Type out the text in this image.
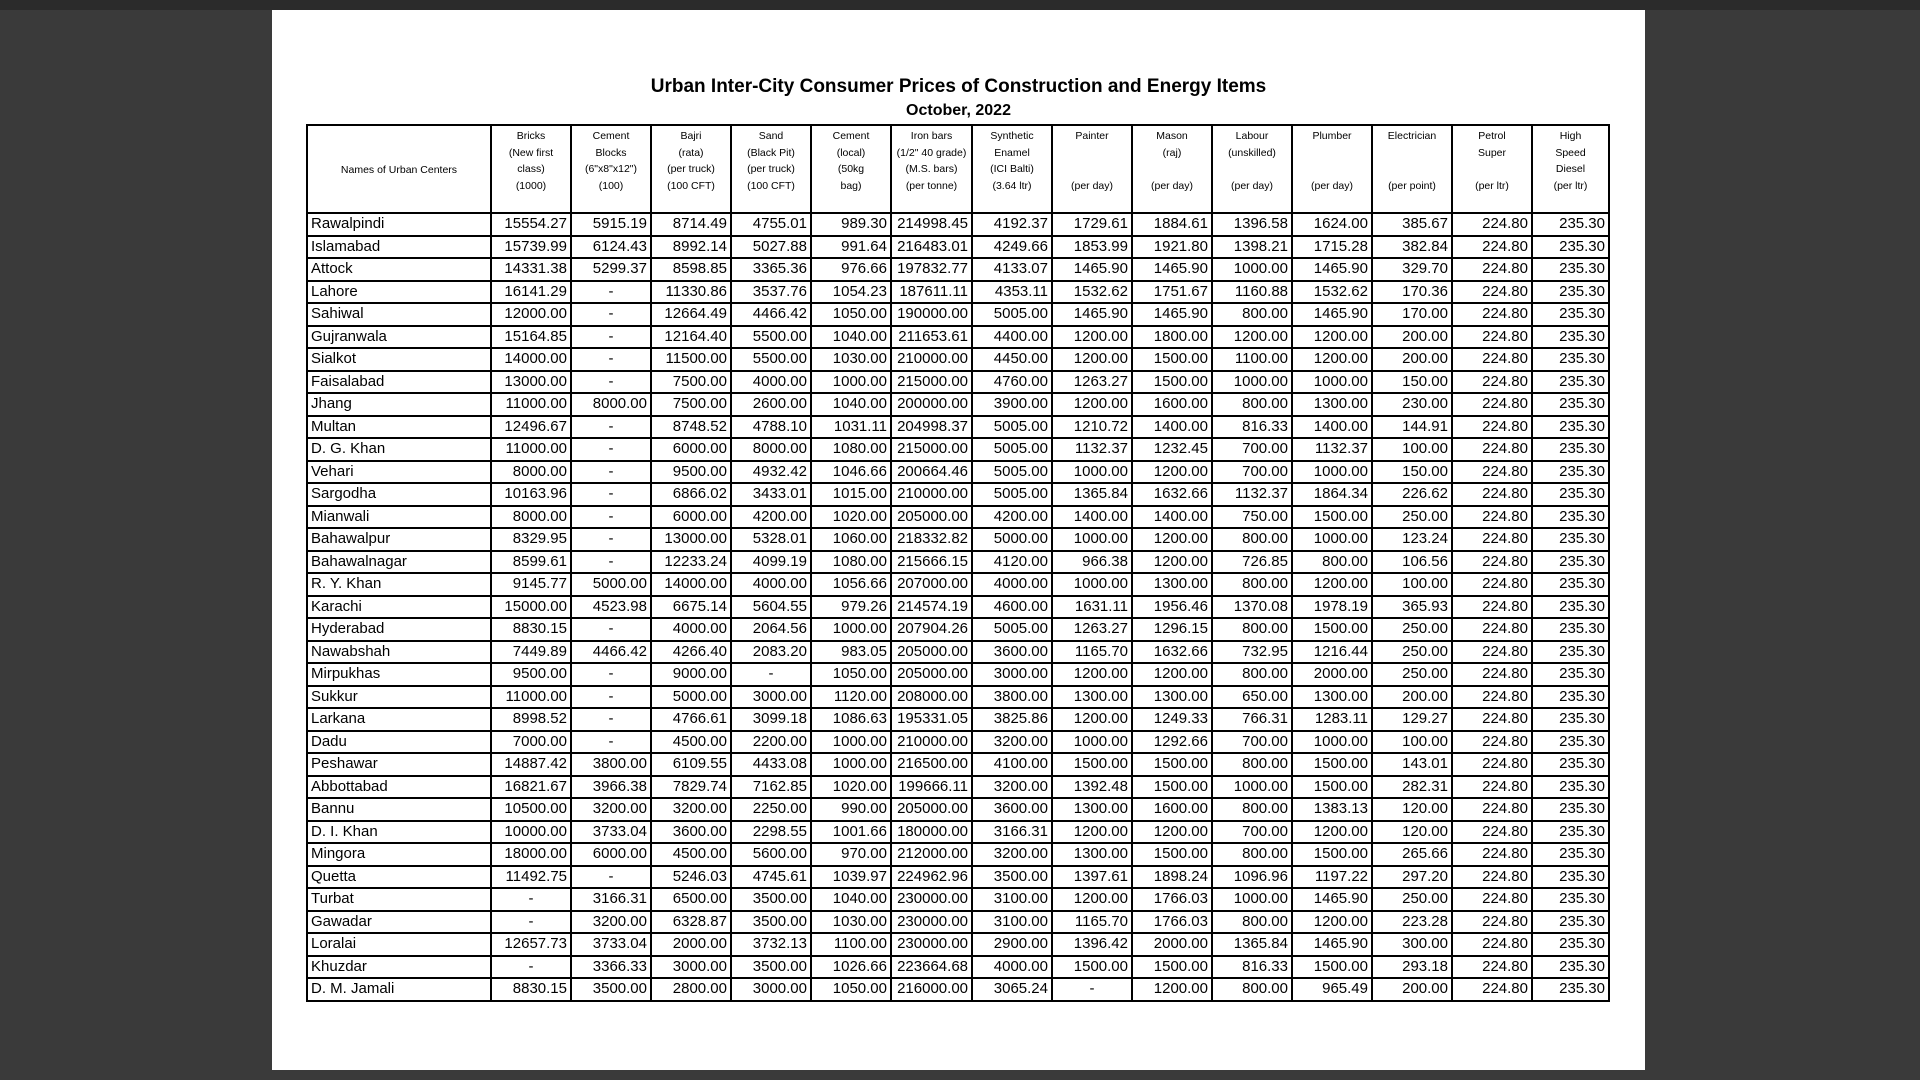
Urban Inter-City Consumer Prices of Construction and Energy Items
October, 2022
Names of Urban Centers	Bricks
(New first
class)
(1000)	Cement
Blocks
(6"x8"x12")
(100)	Bajri
(rata)
(per truck)
(100 CFT)	Sand
(Black Pit)
(per truck)
(100 CFT)	Cement
(local)
(50kg
bag)	Iron bars
(1/2" 40 grade)
(M.S. bars)
(per tonne)	Synthetic
Enamel
(ICI Balti)
(3.64 ltr)	Painter

(per day)	Mason
(raj)

(per day)	Labour
(unskilled)

(per day)	Plumber

(per day)	Electrician

(per point)	Petrol
Super

(per ltr)	High
Speed
Diesel
(per ltr)

Rawalpindi	15554.27	5915.19	8714.49	4755.01	989.30	214998.45	4192.37	1729.61	1884.61	1396.58	1624.00	385.67	224.80	235.30
Islamabad	15739.99	6124.43	8992.14	5027.88	991.64	216483.01	4249.66	1853.99	1921.80	1398.21	1715.28	382.84	224.80	235.30
Attock	14331.38	5299.37	8598.85	3365.36	976.66	197832.77	4133.07	1465.90	1465.90	1000.00	1465.90	329.70	224.80	235.30
Lahore	16141.29	-	11330.86	3537.76	1054.23	187611.11	4353.11	1532.62	1751.67	1160.88	1532.62	170.36	224.80	235.30
Sahiwal	12000.00	-	12664.49	4466.42	1050.00	190000.00	5005.00	1465.90	1465.90	800.00	1465.90	170.00	224.80	235.30
Gujranwala	15164.85	-	12164.40	5500.00	1040.00	211653.61	4400.00	1200.00	1800.00	1200.00	1200.00	200.00	224.80	235.30
Sialkot	14000.00	-	11500.00	5500.00	1030.00	210000.00	4450.00	1200.00	1500.00	1100.00	1200.00	200.00	224.80	235.30
Faisalabad	13000.00	-	7500.00	4000.00	1000.00	215000.00	4760.00	1263.27	1500.00	1000.00	1000.00	150.00	224.80	235.30
Jhang	11000.00	8000.00	7500.00	2600.00	1040.00	200000.00	3900.00	1200.00	1600.00	800.00	1300.00	230.00	224.80	235.30
Multan	12496.67	-	8748.52	4788.10	1031.11	204998.37	5005.00	1210.72	1400.00	816.33	1400.00	144.91	224.80	235.30
D. G. Khan	11000.00	-	6000.00	8000.00	1080.00	215000.00	5005.00	1132.37	1232.45	700.00	1132.37	100.00	224.80	235.30
Vehari	8000.00	-	9500.00	4932.42	1046.66	200664.46	5005.00	1000.00	1200.00	700.00	1000.00	150.00	224.80	235.30
Sargodha	10163.96	-	6866.02	3433.01	1015.00	210000.00	5005.00	1365.84	1632.66	1132.37	1864.34	226.62	224.80	235.30
Mianwali	8000.00	-	6000.00	4200.00	1020.00	205000.00	4200.00	1400.00	1400.00	750.00	1500.00	250.00	224.80	235.30
Bahawalpur	8329.95	-	13000.00	5328.01	1060.00	218332.82	5000.00	1000.00	1200.00	800.00	1000.00	123.24	224.80	235.30
Bahawalnagar	8599.61	-	12233.24	4099.19	1080.00	215666.15	4120.00	966.38	1200.00	726.85	800.00	106.56	224.80	235.30
R. Y. Khan	9145.77	5000.00	14000.00	4000.00	1056.66	207000.00	4000.00	1000.00	1300.00	800.00	1200.00	100.00	224.80	235.30
Karachi	15000.00	4523.98	6675.14	5604.55	979.26	214574.19	4600.00	1631.11	1956.46	1370.08	1978.19	365.93	224.80	235.30
Hyderabad	8830.15	-	4000.00	2064.56	1000.00	207904.26	5005.00	1263.27	1296.15	800.00	1500.00	250.00	224.80	235.30
Nawabshah	7449.89	4466.42	4266.40	2083.20	983.05	205000.00	3600.00	1165.70	1632.66	732.95	1216.44	250.00	224.80	235.30
Mirpukhas	9500.00	-	9000.00	-	1050.00	205000.00	3000.00	1200.00	1200.00	800.00	2000.00	250.00	224.80	235.30
Sukkur	11000.00	-	5000.00	3000.00	1120.00	208000.00	3800.00	1300.00	1300.00	650.00	1300.00	200.00	224.80	235.30
Larkana	8998.52	-	4766.61	3099.18	1086.63	195331.05	3825.86	1200.00	1249.33	766.31	1283.11	129.27	224.80	235.30
Dadu	7000.00	-	4500.00	2200.00	1000.00	210000.00	3200.00	1000.00	1292.66	700.00	1000.00	100.00	224.80	235.30
Peshawar	14887.42	3800.00	6109.55	4433.08	1000.00	216500.00	4100.00	1500.00	1500.00	800.00	1500.00	143.01	224.80	235.30
Abbottabad	16821.67	3966.38	7829.74	7162.85	1020.00	199666.11	3200.00	1392.48	1500.00	1000.00	1500.00	282.31	224.80	235.30
Bannu	10500.00	3200.00	3200.00	2250.00	990.00	205000.00	3600.00	1300.00	1600.00	800.00	1383.13	120.00	224.80	235.30
D. I. Khan	10000.00	3733.04	3600.00	2298.55	1001.66	180000.00	3166.31	1200.00	1200.00	700.00	1200.00	120.00	224.80	235.30
Mingora	18000.00	6000.00	4500.00	5600.00	970.00	212000.00	3200.00	1300.00	1500.00	800.00	1500.00	265.66	224.80	235.30
Quetta	11492.75	-	5246.03	4745.61	1039.97	224962.96	3500.00	1397.61	1898.24	1096.96	1197.22	297.20	224.80	235.30
Turbat	-	3166.31	6500.00	3500.00	1040.00	230000.00	3100.00	1200.00	1766.03	1000.00	1465.90	250.00	224.80	235.30
Gawadar	-	3200.00	6328.87	3500.00	1030.00	230000.00	3100.00	1165.70	1766.03	800.00	1200.00	223.28	224.80	235.30
Loralai	12657.73	3733.04	2000.00	3732.13	1100.00	230000.00	2900.00	1396.42	2000.00	1365.84	1465.90	300.00	224.80	235.30
Khuzdar	-	3366.33	3000.00	3500.00	1026.66	223664.68	4000.00	1500.00	1500.00	816.33	1500.00	293.18	224.80	235.30
D. M. Jamali	8830.15	3500.00	2800.00	3000.00	1050.00	216000.00	3065.24	-	1200.00	800.00	965.49	200.00	224.80	235.30
